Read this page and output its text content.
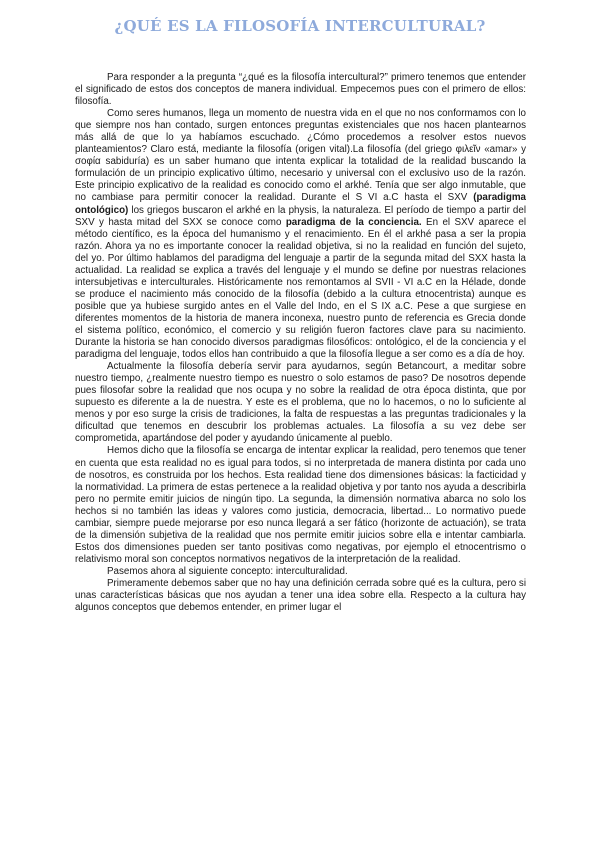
¿QUÉ ES LA FILOSOFÍA INTERCULTURAL?

Para responder a la pregunta “¿qué es la filosofía intercultural?” primero tenemos que entender el significado de estos dos conceptos de manera individual. Empecemos pues con el primero de ellos: filosofía.

Como seres humanos, llega un momento de nuestra vida en el que no nos conformamos con lo que siempre nos han contado, surgen entonces preguntas existenciales que nos hacen plantearnos más allá de que lo ya habíamos escuchado. ¿Cómo procedemos a resolver estos nuevos planteamientos? Claro está, mediante la filosofía (origen vital).La filosofía (del griego φιλεῖν «amar» y σοφία sabiduría) es un saber humano que intenta explicar la totalidad de la realidad buscando la formulación de un principio explicativo último, necesario y universal con el exclusivo uso de la razón. Este principio explicativo de la realidad es conocido como el arkhé. Tenía que ser algo inmutable, que no cambiase para permitir conocer la realidad. Durante el S VI a.C hasta el SXV (paradigma ontológico) los griegos buscaron el arkhé en la physis, la naturaleza. El período de tiempo a partir del SXV y hasta mitad del SXX se conoce como paradigma de la conciencia. En el SXV aparece el método científico, es la época del humanismo y el renacimiento. En él el arkhé pasa a ser la propia razón. Ahora ya no es importante conocer la realidad objetiva, si no la realidad en función del sujeto, del yo. Por último hablamos del paradigma del lenguaje a partir de la segunda mitad del SXX hasta la actualidad. La realidad se explica a través del lenguaje y el mundo se define por nuestras relaciones intersubjetivas e interculturales. Históricamente nos remontamos al SVII - VI a.C en la Hélade, donde se produce el nacimiento más conocido de la filosofía (debido a la cultura etnocentrista) aunque es posible que ya hubiese surgido antes en el Valle del Indo, en el S IX a.C. Pese a que surgiese en diferentes momentos de la historia de manera inconexa, nuestro punto de referencia es Grecia donde el sistema político, económico, el comercio y su religión fueron factores clave para su nacimiento. Durante la historia se han conocido diversos paradigmas filosóficos: ontológico, el de la conciencia y el paradigma del lenguaje, todos ellos han contribuido a que la filosofía llegue a ser como es a día de hoy.

Actualmente la filosofía debería servir para ayudarnos, según Betancourt, a meditar sobre nuestro tiempo, ¿realmente nuestro tiempo es nuestro o solo estamos de paso? De nosotros depende pues filosofar sobre la realidad que nos ocupa y no sobre la realidad de otra época distinta, que por supuesto es diferente a la de nuestra. Y este es el problema, que no lo hacemos, o no lo suficiente al menos y por eso surge la crisis de tradiciones, la falta de respuestas a las preguntas tradicionales y la dificultad que tenemos en descubrir los problemas actuales. La filosofía a su vez debe ser comprometida, apartándose del poder y ayudando únicamente al pueblo.

Hemos dicho que la filosofía se encarga de intentar explicar la realidad, pero tenemos que tener en cuenta que esta realidad no es igual para todos, si no interpretada de manera distinta por cada uno de nosotros, es construida por los hechos. Esta realidad tiene dos dimensiones básicas: la facticidad y la normatividad. La primera de estas pertenece a la realidad objetiva y por tanto nos ayuda a describirla pero no permite emitir juicios de ningún tipo. La segunda, la dimensión normativa abarca no solo los hechos si no también las ideas y valores como justicia, democracia, libertad... Lo normativo puede cambiar, siempre puede mejorarse por eso nunca llegará a ser fático (horizonte de actuación), se trata de la dimensión subjetiva de la realidad que nos permite emitir juicios sobre ella e intentar cambiarla. Estos dos dimensiones pueden ser tanto positivas como negativas, por ejemplo el etnocentrismo o relativismo moral son conceptos normativos negativos de la interpretación de la realidad.

Pasemos ahora al siguiente concepto: interculturalidad.

Primeramente debemos saber que no hay una definición cerrada sobre qué es la cultura, pero si unas características básicas que nos ayudan a tener una idea sobre ella. Respecto a la cultura hay algunos conceptos que debemos entender, en primer lugar el
